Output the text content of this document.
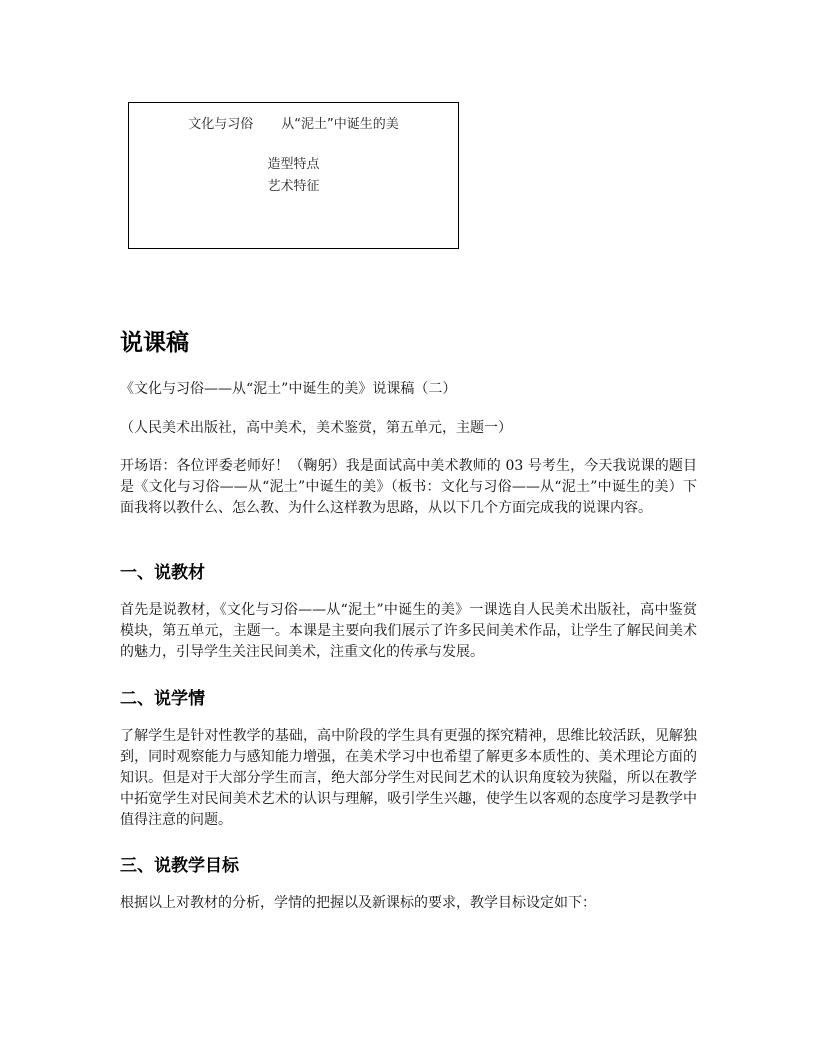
文化与习俗 从“泥土”中诞生的美
造型特点
艺术特征
说课稿

《文化与习俗——从“泥土”中诞生的美》说课稿（二）

（人民美术出版社，高中美术，美术鉴赏，第五单元，主题一）

开场语：各位评委老师好！（鞠躬）我是面试高中美术教师的 03 号考生，今天我说课的题目是《文化与习俗——从“泥土”中诞生的美》（板书：文化与习俗——从“泥土”中诞生的美）下面我将以教什么、怎么教、为什么这样教为思路，从以下几个方面完成我的说课内容。

一、说教材

首先是说教材，《文化与习俗——从“泥土”中诞生的美》一课选自人民美术出版社，高中鉴赏模块，第五单元，主题一。本课是主要向我们展示了许多民间美术作品，让学生了解民间美术的魅力，引导学生关注民间美术，注重文化的传承与发展。

二、说学情

了解学生是针对性教学的基础，高中阶段的学生具有更强的探究精神，思维比较活跃，见解独到，同时观察能力与感知能力增强，在美术学习中也希望了解更多本质性的、美术理论方面的知识。但是对于大部分学生而言，绝大部分学生对民间艺术的认识角度较为狭隘，所以在教学中拓宽学生对民间美术艺术的认识与理解，吸引学生兴趣，使学生以客观的态度学习是教学中值得注意的问题。

三、说教学目标

根据以上对教材的分析，学情的把握以及新课标的要求，教学目标设定如下：
